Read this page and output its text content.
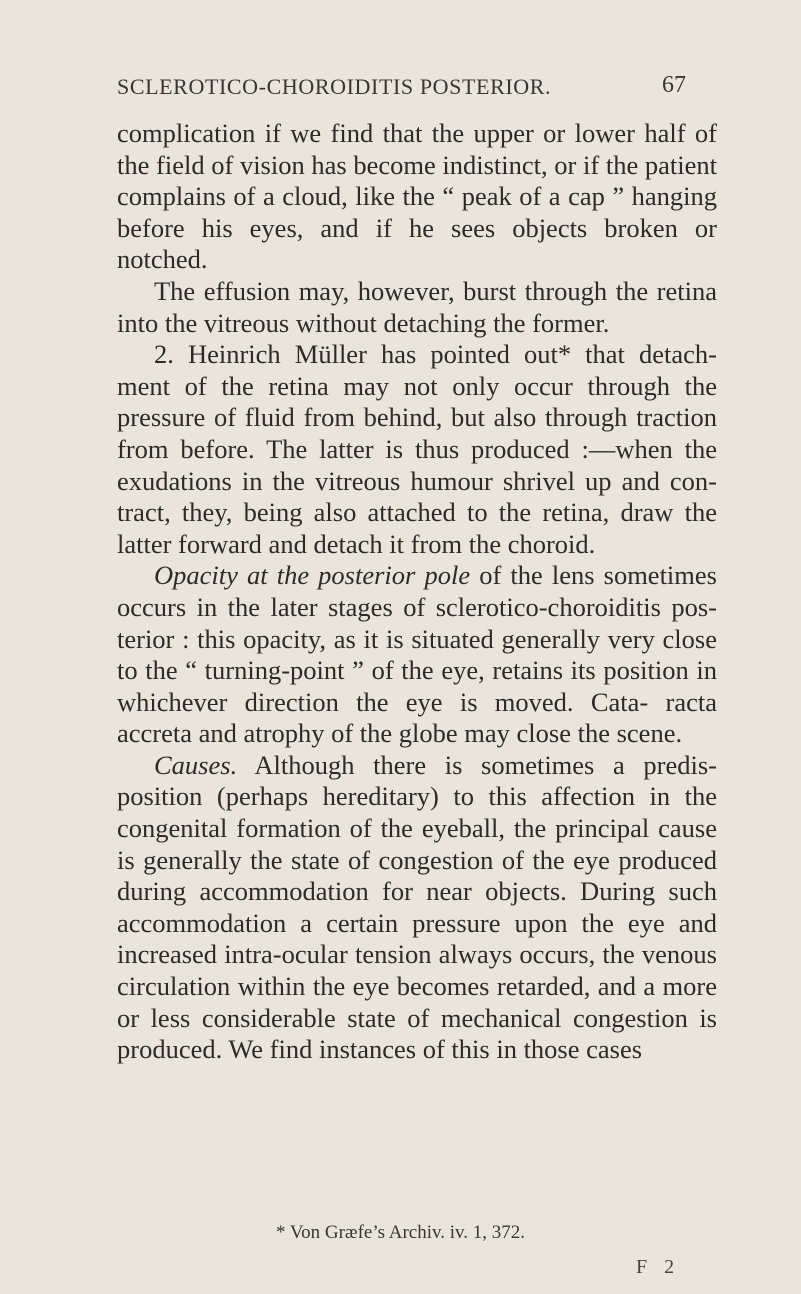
SCLEROTICO-CHOROIDITIS POSTERIOR.	67

complication if we find that the upper or lower half of the field of vision has become indistinct, or if the patient complains of a cloud, like the “ peak of a cap ” hanging before his eyes, and if he sees objects broken or notched.

The effusion may, however, burst through the retina into the vitreous without detaching the former.

2. Heinrich Müller has pointed out* that detach- ment of the retina may not only occur through the pressure of fluid from behind, but also through traction from before. The latter is thus produced :—when the exudations in the vitreous humour shrivel up and con- tract, they, being also attached to the retina, draw the latter forward and detach it from the choroid.

Opacity at the posterior pole of the lens sometimes occurs in the later stages of sclerotico-choroiditis pos- terior : this opacity, as it is situated generally very close to the “ turning-point ” of the eye, retains its position in whichever direction the eye is moved. Cata- racta accreta and atrophy of the globe may close the scene.

Causes. Although there is sometimes a predis- position (perhaps hereditary) to this affection in the congenital formation of the eyeball, the principal cause is generally the state of congestion of the eye produced during accommodation for near objects. During such accommodation a certain pressure upon the eye and increased intra-ocular tension always occurs, the venous circulation within the eye becomes retarded, and a more or less considerable state of mechanical congestion is produced. We find instances of this in those cases

* Von Græfe’s Archiv. iv. 1, 372.
F 2
